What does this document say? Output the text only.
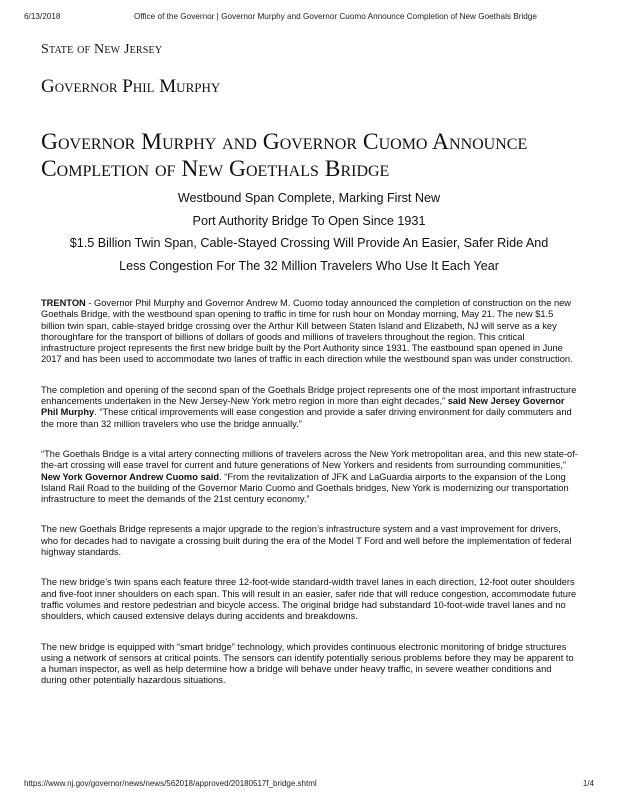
6/13/2018	Office of the Governor | Governor Murphy and Governor Cuomo Announce Completion of New Goethals Bridge
State of New Jersey
Governor Phil Murphy
Governor Murphy and Governor Cuomo Announce Completion of New Goethals Bridge
Westbound Span Complete, Marking First New
Port Authority Bridge To Open Since 1931
$1.5 Billion Twin Span, Cable-Stayed Crossing Will Provide An Easier, Safer Ride And
Less Congestion For The 32 Million Travelers Who Use It Each Year

TRENTON - Governor Phil Murphy and Governor Andrew M. Cuomo today announced the completion of construction on the new Goethals Bridge, with the westbound span opening to traffic in time for rush hour on Monday morning, May 21. The new $1.5 billion twin span, cable-stayed bridge crossing over the Arthur Kill between Staten Island and Elizabeth, NJ will serve as a key thoroughfare for the transport of billions of dollars of goods and millions of travelers throughout the region. This critical infrastructure project represents the first new bridge built by the Port Authority since 1931. The eastbound span opened in June 2017 and has been used to accommodate two lanes of traffic in each direction while the westbound span was under construction.

The completion and opening of the second span of the Goethals Bridge project represents one of the most important infrastructure enhancements undertaken in the New Jersey-New York metro region in more than eight decades,” said New Jersey Governor Phil Murphy. “These critical improvements will ease congestion and provide a safer driving environment for daily commuters and the more than 32 million travelers who use the bridge annually.”

“The Goethals Bridge is a vital artery connecting millions of travelers across the New York metropolitan area, and this new state-of-the-art crossing will ease travel for current and future generations of New Yorkers and residents from surrounding communities,” New York Governor Andrew Cuomo said. “From the revitalization of JFK and LaGuardia airports to the expansion of the Long Island Rail Road to the building of the Governor Mario Cuomo and Goethals bridges, New York is modernizing our transportation infrastructure to meet the demands of the 21st century economy.”

The new Goethals Bridge represents a major upgrade to the region’s infrastructure system and a vast improvement for drivers, who for decades had to navigate a crossing built during the era of the Model T Ford and well before the implementation of federal highway standards.

The new bridge’s twin spans each feature three 12-foot-wide standard-width travel lanes in each direction, 12-foot outer shoulders and five-foot inner shoulders on each span. This will result in an easier, safer ride that will reduce congestion, accommodate future traffic volumes and restore pedestrian and bicycle access. The original bridge had substandard 10-foot-wide travel lanes and no shoulders, which caused extensive delays during accidents and breakdowns.

The new bridge is equipped with “smart bridge” technology, which provides continuous electronic monitoring of bridge structures using a network of sensors at critical points. The sensors can identify potentially serious problems before they may be apparent to a human inspector, as well as help determine how a bridge will behave under heavy traffic, in severe weather conditions and during other potentially hazardous situations.

https://www.nj.gov/governor/news/news/562018/approved/20180517f_bridge.shtml	1/4
